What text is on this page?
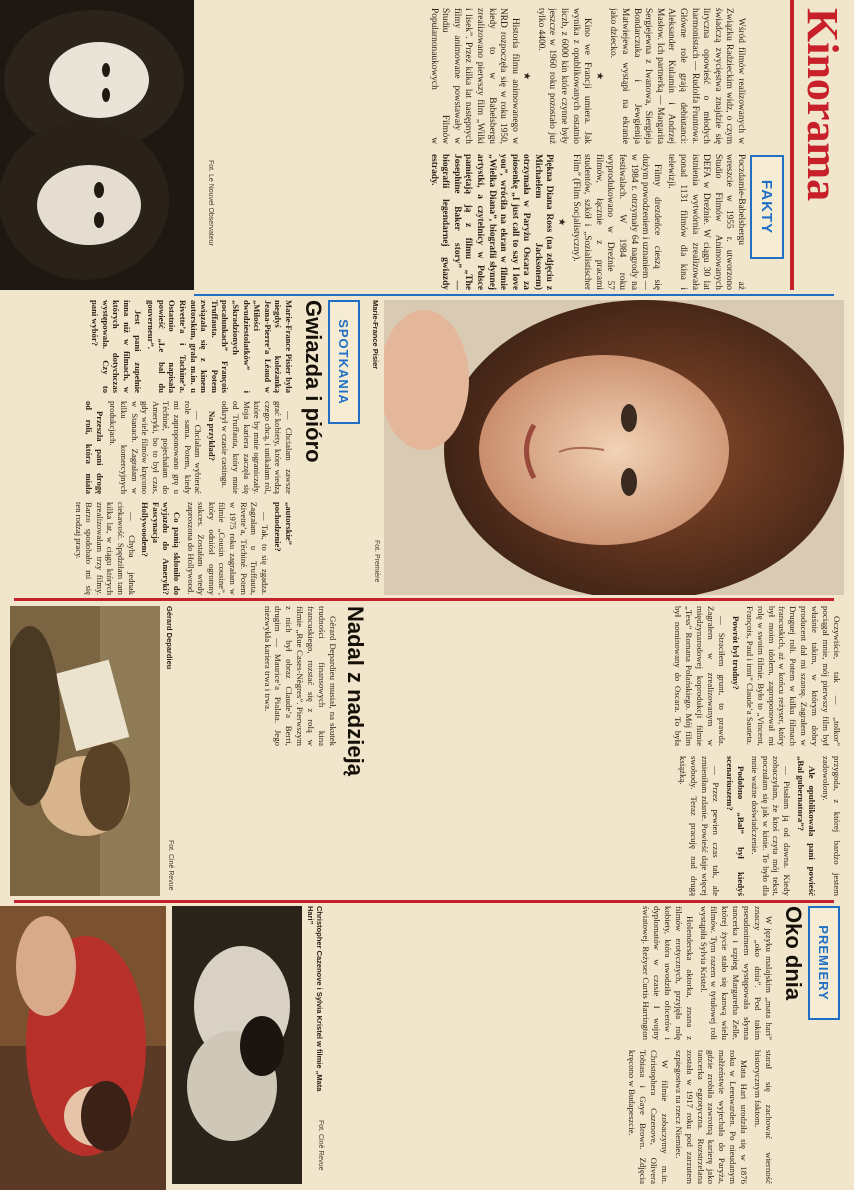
Kinorama
FAKTY

Wśród filmów realizowanych w Związku Radzieckim widz, o czym świadczą zwycięstwa znajdzie się liryczna opowieść o młodych harmonistach — Rudolfa Fruntowa. Główne role grają debiutanci: Aleksander Kulamin i Andrzej Masłow. Ich partnerką — Margarita Sergiejewna z Iwanowa, Siergieja Bondarczuka i Jewgienija Matwiejewa wystąpi na ekranie jako dziecko.

★

Kino we Francji umiera. Jak wynika z opublikowanych ostatnio liczb, z 6000 kin które czynne były jeszcze w 1960 roku pozostało już tylko 4400.

★

Historia filmu animowanego w NRD rozpoczęła się w roku 1950, kiedy to w Babelsbergu zrealizowano pierwszy film „Wilki i lisek”. Przez kilka lat następnych filmy animowane powstawały w Studiu Filmów Popularnonaukowych w Poczdamie-Babelsbergu aż wreszcie w 1955 r. utworzono Studio Filmów Animowanych DEFA w Dreźnie. W ciągu 30 lat istnienia wytwórnia zrealizowała ponad 1131 filmów dla kina i telewizji.

Filmy drezdeńce cieszą się dużym powodzeniem i uznaniem — w 1984 r. otrzymały 64 nagrody na festiwalach. W 1984 roku wyprodukowano w Dreźnie 57 filmów, łącznie z pracami studentów, szkół i „Sozialistischer Film” (Film Socjalistyczny).

★

Piękna Diana Ross (na zdjęciu z Michaelem Jacksonem) otrzymała w Paryżu Oscara za piosenkę „I just call to say I love you”, wróciła na ekran w filmie „Wielka Diana”, biografii słynnej artystki, a czytelnicy w Polsce pamiętają ją z filmu „The Josephine Baker story” — biografii legendarnej gwiazdy estrady.

Fot. Le Nouvel Observateur
Marie-France Pisier
Fot. Première
SPOTKANIA
Gwiazda i pióro

Marie-France Pisier była niegdyś koleżanką Jeana-Pierre’a Léaud w „Miłości dwudziestolatków” i „Skradzionych pocałunkach” François Truffauta. Potem związała się z kinem autorskim, grała m.in. u Rivette’a i Tachine’a. Ostatnio napisała powieść „Le bal du gouverneur”.

Jest pani zupełnie inna niż w filmach, w których dotychczas występowała. Czy to pani wybór?

— Chciałam zawsze grać kobiety, które wiedzą czego chcą, i unikałam ról, które by mnie ograniczały. Moja kariera zaczęła się od Truffauta, który mnie odkrył w czasie castingu.

Na przykład?

— Chciałam wybierać role sama. Potem, kiedy mi zaproponowano grę u Téchiné, pojechałam do Ameryki, bo to był czas, gdy wiele filmów kręcono w Stanach. Zagrałam w kilku komercyjnych produkcjach.

Przeszła pani drogę od roli, która miała „autorskie” pochodzenie?

— Tak, to się zgadza. Zagrałam u Truffauta, Rivette’a, Téchiné. Potem w 1975 roku zagrałam w filmie „Cousin cousine”, który odniósł ogromny sukces. Zostałam wtedy zaproszona do Hollywood.

Co panią skłoniło do wyjazdu do Ameryki? Fascynacja Hollywoodem?

— Chyba jednak ciekawość. Spędziłam tam kilka lat, w ciągu których zrealizowałam trzy filmy. Barzo spodobało mi się ten rodzaj pracy.

Oczywiście, tak — „tolkor” pociągał mnie, mój pierwszy film był właśnie takim, w którym dobry producent dał mi szansę. Zagrałem w Druguej roli. Potem w kilku filmach francuskich, aż w końcu reżyser, który był moim idolem, zaproponował mi rolę w swoim filmie. Było to „Vincent, François, Paul i inni” Claude’a Sauteta.

Powrót byl trudny?

— Straciłem grunt, to prawda. Zagrałem w zrealizowanym w międzynarodowej koprodukcji filmie „Tess” Romana Polańskiego. Mój film był nominowany do Oscara. To była przygoda, z której bardzo jestem zadowolony.

Ale opublikowała pani powieść „Bal gubernatora”?

— Pisałam ją od dawna. Kiedy zobaczyłam, że ktoś czyta mój tekst, poczułam się jak w kinie. To było dla mnie ważne doświadczenie.

Podobno „Bal” był kiedyś scenariuszem?

— Przez pewien czas tak, ale zmieniłam zdanie. Powieść daje więcej swobody. Teraz pracuję nad drugą książką.

Nadal z nadzieją

Gérard Depardieu musiał, na skutek trudności finansowych kina francuskiego, rozstać się z rolą w filmie „Rue Cases-Nègres”. Pierwszym z nich był obraz Claude’a Berri, drugim — Maurice’a Pialata. Jego niezwykła kariera trwa i trwa.

Gérard Depardieu
Fot. Ciné Revue
PREMIERY
Oko dnia

W języku malajskim „mata hari” znaczy „oko dnia”. Pod takim pseudonimem występowała słynna tancerka i szpieg Margaretha Zelle, której życie stało się kanwą wielu filmów. Tym razem w tytułowej roli wystąpiła Sylvia Kristel.

Holenderska aktorka, znana z filmów erotycznych, przyjęła rolę kobiety, która uwodziła oficerów i dyplomatów w czasie I wojny światowej. Reżyser Curtis Harrington starał się zachować wierność historycznym faktom.

Mata Hari urodziła się w 1876 roku w Leeuwarden. Po nieudanym małżeństwie wyjechała do Paryża, gdzie zrobiła zawrotną karierę jako tancerka egzotyczna. Rozstrzelana została w 1917 roku pod zarzutem szpiegostwa na rzecz Niemiec.

W filmie zobaczymy m.in. Christophera Cazenove, Olivera Tobiasa i Gaye Brown. Zdjęcia kręcono w Budapeszcie.

Christopher Cazenove i Sylvia Kristel w filmie „Mata Hari”
Fot. Ciné Revue
